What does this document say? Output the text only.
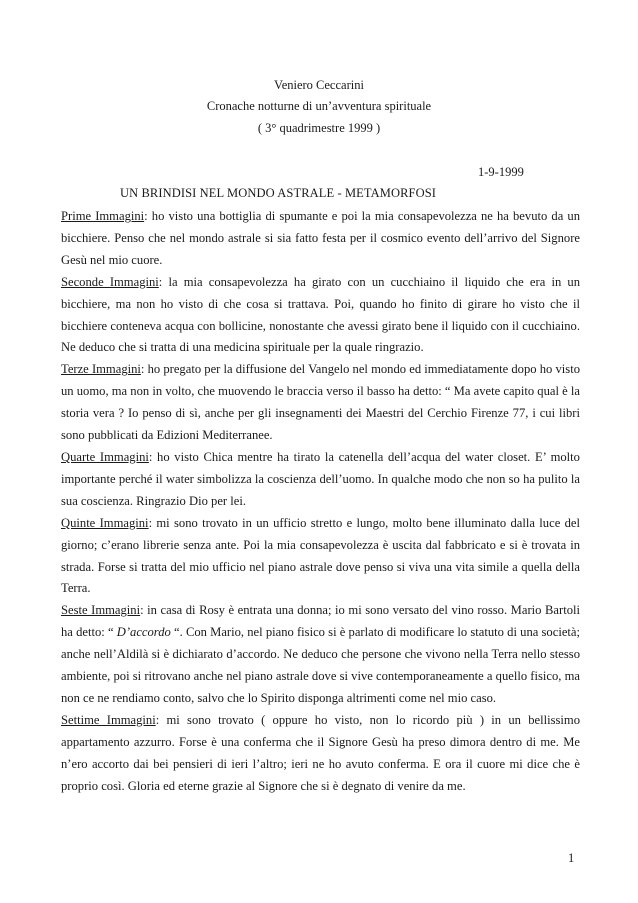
Veniero Ceccarini
Cronache notturne di un’avventura spirituale
( 3° quadrimestre 1999 )
1-9-1999
UN BRINDISI NEL MONDO ASTRALE - METAMORFOSI

Prime Immagini: ho visto una bottiglia di spumante e poi la mia consapevolezza ne ha bevuto da un bicchiere. Penso che nel mondo astrale si sia fatto festa per il cosmico evento dell’arrivo del Signore Gesù nel mio cuore.

Seconde Immagini: la mia consapevolezza ha girato con un cucchiaino il liquido che era in un bicchiere, ma non ho visto di che cosa si trattava. Poi, quando ho finito di girare ho visto che il bicchiere conteneva acqua con bollicine, nonostante che avessi girato bene il liquido con il cucchiaino. Ne deduco che si tratta di una medicina spirituale per la quale ringrazio.

Terze Immagini: ho pregato per la diffusione del Vangelo nel mondo ed immediatamente dopo ho visto un uomo, ma non in volto, che muovendo le braccia verso il basso ha detto: “ Ma avete capito qual è la storia vera ? Io penso di sì, anche per gli insegnamenti dei Maestri del Cerchio Firenze 77, i cui libri sono pubblicati da Edizioni Mediterranee.

Quarte Immagini: ho visto Chica mentre ha tirato la catenella dell’acqua del water closet. E’ molto importante perché il water simbolizza la coscienza dell’uomo. In qualche modo che non so ha pulito la sua coscienza. Ringrazio Dio per lei.

Quinte Immagini: mi sono trovato in un ufficio stretto e lungo, molto bene illuminato dalla luce del giorno; c’erano librerie senza ante. Poi la mia consapevolezza è uscita dal fabbricato e si è trovata in strada. Forse si tratta del mio ufficio nel piano astrale dove penso si viva una vita simile a quella della Terra.

Seste Immagini: in casa di Rosy è entrata una donna; io mi sono versato del vino rosso. Mario Bartoli ha detto: “ D’accordo “. Con Mario, nel piano fisico si è parlato di modificare lo statuto di una società; anche nell’Aldilà si è dichiarato d’accordo. Ne deduco che persone che vivono nella Terra nello stesso ambiente, poi si ritrovano anche nel piano astrale dove si vive contemporaneamente a quello fisico, ma non ce ne rendiamo conto, salvo che lo Spirito disponga altrimenti come nel mio caso.

Settime Immagini: mi sono trovato ( oppure ho visto, non lo ricordo più ) in un bellissimo appartamento azzurro. Forse è una conferma che il Signore Gesù ha preso dimora dentro di me. Me n’ero accorto dai bei pensieri di ieri l’altro; ieri ne ho avuto conferma. E ora il cuore mi dice che è proprio così. Gloria ed eterne grazie al Signore che si è degnato di venire da me.

1
